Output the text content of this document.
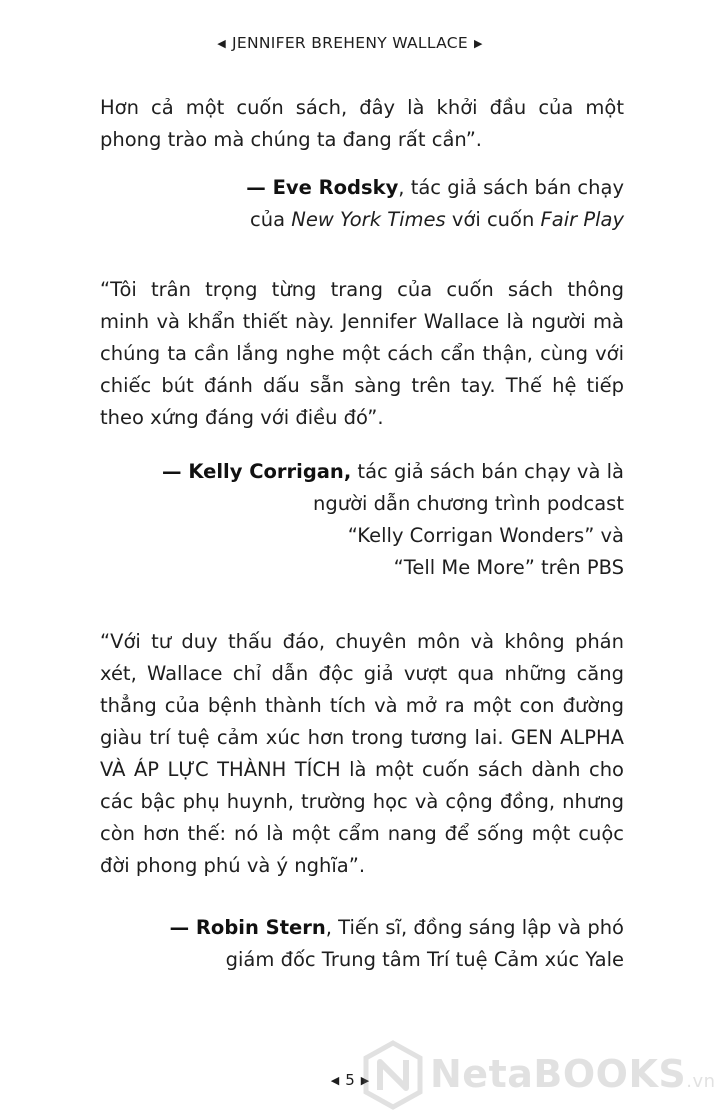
◀ JENNIFER BREHENY WALLACE ▶

Hơn cả một cuốn sách, đây là khởi đầu của một
phong trào mà chúng ta đang rất cần”.

— Eve Rodsky, tác giả sách bán chạy
của New York Times với cuốn Fair Play

“Tôi trân trọng từng trang của cuốn sách thông
minh và khẩn thiết này. Jennifer Wallace là người mà
chúng ta cần lắng nghe một cách cẩn thận, cùng với
chiếc bút đánh dấu sẵn sàng trên tay. Thế hệ tiếp
theo xứng đáng với điều đó”.

— Kelly Corrigan, tác giả sách bán chạy và là
người dẫn chương trình podcast
“Kelly Corrigan Wonders” và
“Tell Me More” trên PBS

“Với tư duy thấu đáo, chuyên môn và không phán
xét, Wallace chỉ dẫn độc giả vượt qua những căng
thẳng của bệnh thành tích và mở ra một con đường
giàu trí tuệ cảm xúc hơn trong tương lai. GEN ALPHA
VÀ ÁP LỰC THÀNH TÍCH là một cuốn sách dành cho
các bậc phụ huynh, trường học và cộng đồng, nhưng
còn hơn thế: nó là một cẩm nang để sống một cuộc
đời phong phú và ý nghĩa”.

— Robin Stern, Tiến sĩ, đồng sáng lập và phó
giám đốc Trung tâm Trí tuệ Cảm xúc Yale

◀ 5 ▶	NetaBOOKS.vn
